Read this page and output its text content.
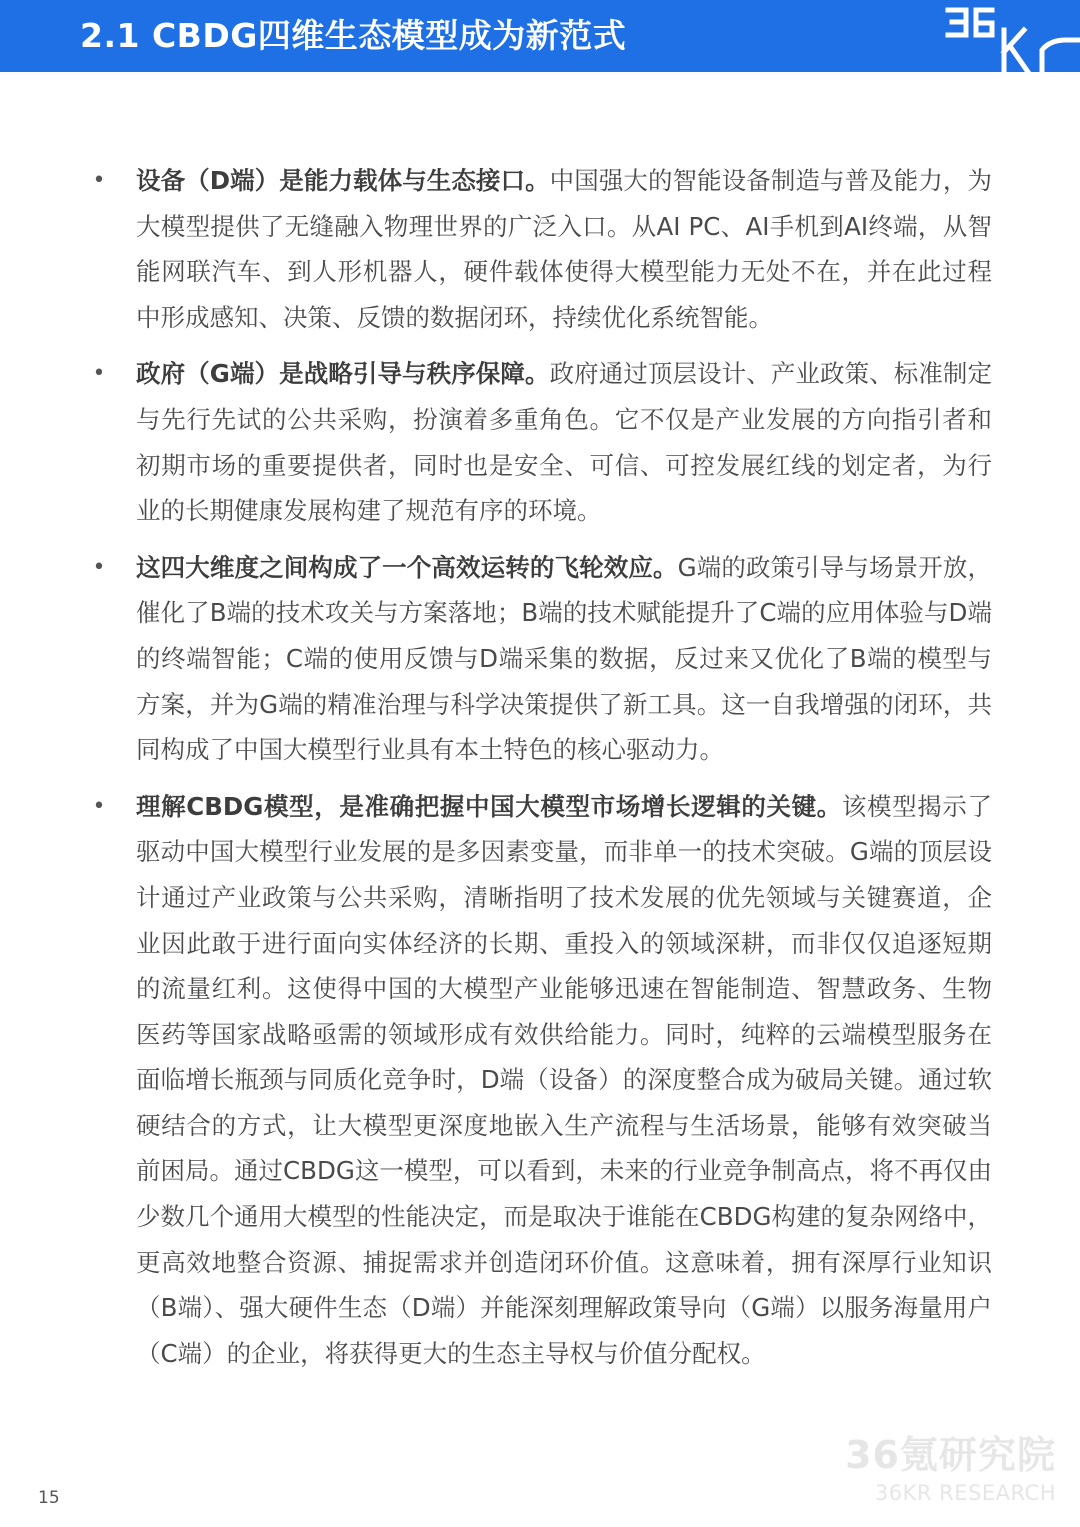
2.1 CBDG四维生态模型成为新范式
• 设备（D端）是能力载体与生态接口。中国强大的智能设备制造与普及能力，为大模型提供了无缝融入物理世界的广泛入口。从AI PC、AI手机到AI终端，从智能网联汽车、到人形机器人，硬件载体使得大模型能力无处不在，并在此过程中形成感知、决策、反馈的数据闭环，持续优化系统智能。
• 政府（G端）是战略引导与秩序保障。政府通过顶层设计、产业政策、标准制定与先行先试的公共采购，扮演着多重角色。它不仅是产业发展的方向指引者和初期市场的重要提供者，同时也是安全、可信、可控发展红线的划定者，为行业的长期健康发展构建了规范有序的环境。
• 这四大维度之间构成了一个高效运转的飞轮效应。G端的政策引导与场景开放，催化了B端的技术攻关与方案落地；B端的技术赋能提升了C端的应用体验与D端的终端智能；C端的使用反馈与D端采集的数据，反过来又优化了B端的模型与方案，并为G端的精准治理与科学决策提供了新工具。这一自我增强的闭环，共同构成了中国大模型行业具有本土特色的核心驱动力。
• 理解CBDG模型，是准确把握中国大模型市场增长逻辑的关键。该模型揭示了驱动中国大模型行业发展的是多因素变量，而非单一的技术突破。G端的顶层设计通过产业政策与公共采购，清晰指明了技术发展的优先领域与关键赛道，企业因此敢于进行面向实体经济的长期、重投入的领域深耕，而非仅仅追逐短期的流量红利。这使得中国的大模型产业能够迅速在智能制造、智慧政务、生物医药等国家战略亟需的领域形成有效供给能力。同时，纯粹的云端模型服务在面临增长瓶颈与同质化竞争时，D端（设备）的深度整合成为破局关键。通过软硬结合的方式，让大模型更深度地嵌入生产流程与生活场景，能够有效突破当前困局。通过CBDG这一模型，可以看到，未来的行业竞争制高点，将不再仅由少数几个通用大模型的性能决定，而是取决于谁能在CBDG构建的复杂网络中，更高效地整合资源、捕捉需求并创造闭环价值。这意味着，拥有深厚行业知识（B端）、强大硬件生态（D端）并能深刻理解政策导向（G端）以服务海量用户（C端）的企业，将获得更大的生态主导权与价值分配权。
36氪研究院
36KR RESEARCH
15
